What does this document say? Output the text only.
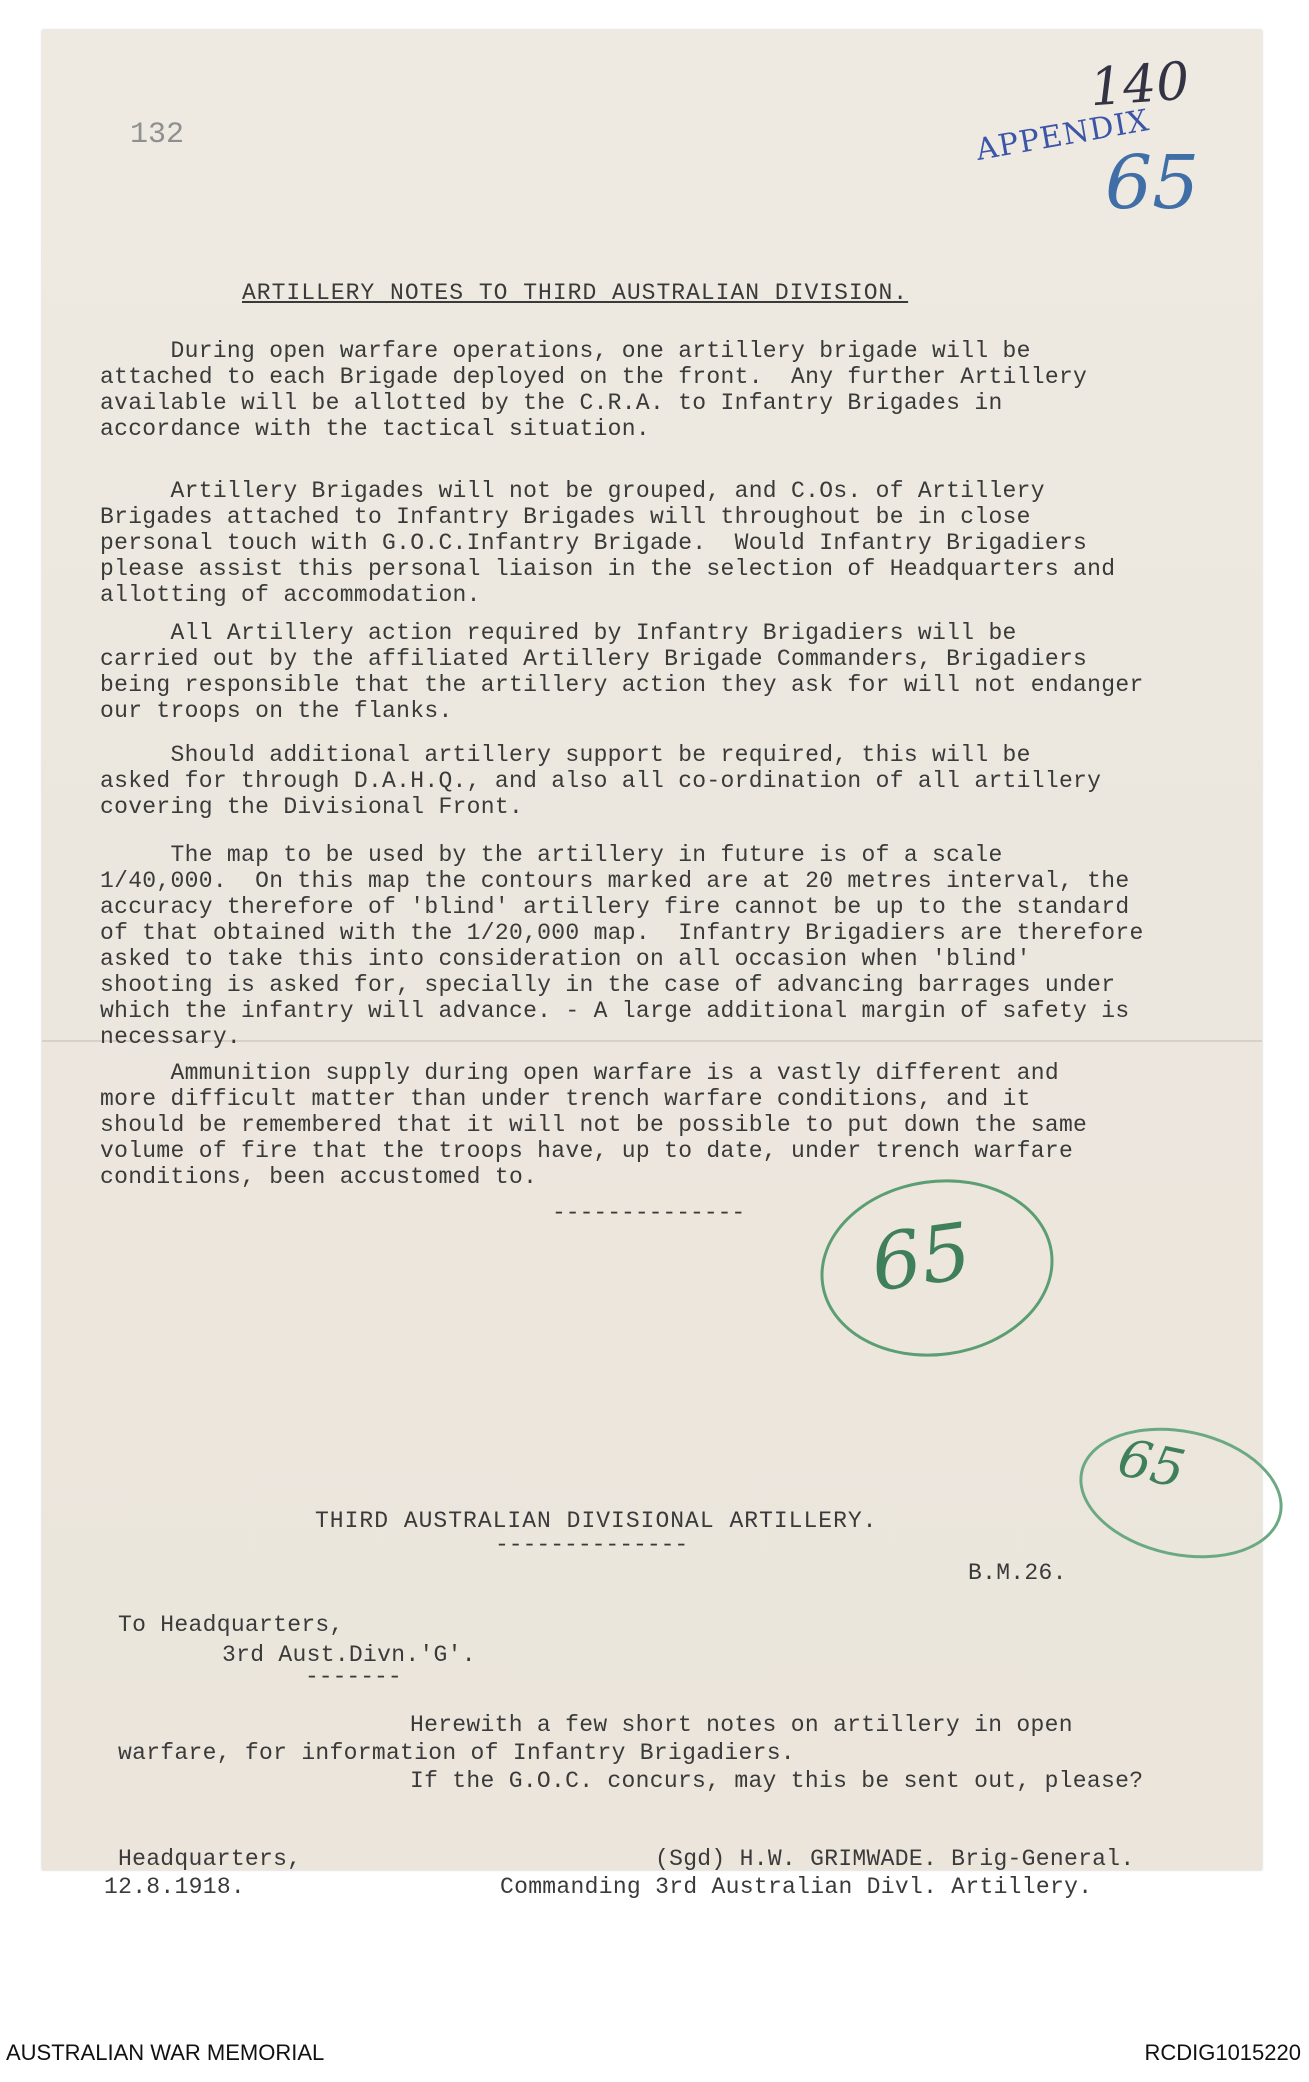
132
140
APPENDIX
65
ARTILLERY NOTES TO THIRD AUSTRALIAN DIVISION.

During open warfare operations, one artillery brigade will be

attached to each Brigade deployed on the front.  Any further Artillery

available will be allotted by the C.R.A. to Infantry Brigades in

accordance with the tactical situation.

Artillery Brigades will not be grouped, and C.Os. of Artillery

Brigades attached to Infantry Brigades will throughout be in close

personal touch with G.O.C.Infantry Brigade.  Would Infantry Brigadiers

please assist this personal liaison in the selection of Headquarters and

allotting of accommodation.

All Artillery action required by Infantry Brigadiers will be

carried out by the affiliated Artillery Brigade Commanders, Brigadiers

being responsible that the artillery action they ask for will not endanger

our troops on the flanks.

Should additional artillery support be required, this will be

asked for through D.A.H.Q., and also all co-ordination of all artillery

covering the Divisional Front.

The map to be used by the artillery in future is of a scale

1/40,000.  On this map the contours marked are at 20 metres interval, the

accuracy therefore of 'blind' artillery fire cannot be up to the standard

of that obtained with the 1/20,000 map.  Infantry Brigadiers are therefore

asked to take this into consideration on all occasion when 'blind'

shooting is asked for, specially in the case of advancing barrages under

which the infantry will advance. - A large additional margin of safety is

necessary.

Ammunition supply during open warfare is a vastly different and

more difficult matter than under trench warfare conditions, and it

should be remembered that it will not be possible to put down the same

volume of fire that the troops have, up to date, under trench warfare

conditions, been accustomed to.

-------------- 65
65
THIRD AUSTRALIAN DIVISIONAL ARTILLERY.
--------------
B.M.26.
To Headquarters,
3rd Aust.Divn.'G'.
-------
Herewith a few short notes on artillery in open
warfare, for information of Infantry Brigadiers.
If the G.O.C. concurs, may this be sent out, please?
Headquarters,
12.8.1918.
(Sgd) H.W. GRIMWADE. Brig-General.
Commanding 3rd Australian Divl. Artillery.
AUSTRALIAN WAR MEMORIAL	RCDIG1015220
